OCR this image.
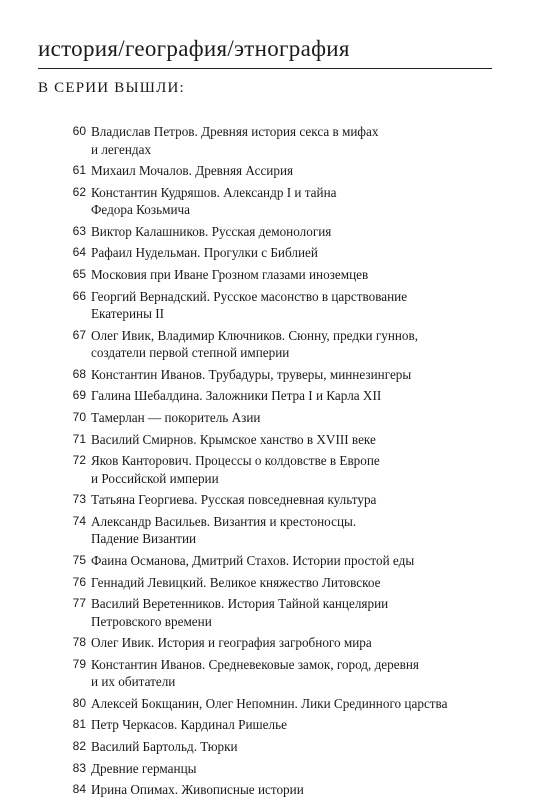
история/география/этнография
В СЕРИИ ВЫШЛИ:
60 Владислав Петров. Древняя история секса в мифах
и легендах
61 Михаил Мочалов. Древняя Ассирия
62 Константин Кудряшов. Александр I и тайна
Федора Козьмича
63 Виктор Калашников. Русская демонология
64 Рафаил Нудельман. Прогулки с Библией
65 Московия при Иване Грозном глазами иноземцев
66 Георгий Вернадский. Русское масонство в царствование
Екатерины II
67 Олег Ивик, Владимир Ключников. Сюнну, предки гуннов,
создатели первой степной империи
68 Константин Иванов. Трубадуры, труверы, миннезингеры
69 Галина Шебалдина. Заложники Петра I и Карла XII
70 Тамерлан — покоритель Азии
71 Василий Смирнов. Крымское ханство в XVIII веке
72 Яков Канторович. Процессы о колдовстве в Европе
и Российской империи
73 Татьяна Георгиева. Русская повседневная культура
74 Александр Васильев. Византия и крестоносцы.
Падение Византии
75 Фаина Османова, Дмитрий Стахов. Истории простой еды
76 Геннадий Левицкий. Великое княжество Литовское
77 Василий Веретенников. История Тайной канцелярии
Петровского времени
78 Олег Ивик. История и география загробного мира
79 Константин Иванов. Средневековые замок, город, деревня
и их обитатели
80 Алексей Бокщанин, Олег Непомнин. Лики Срединного царства
81 Петр Черкасов. Кардинал Ришелье
82 Василий Бартольд. Тюрки
83 Древние германцы
84 Ирина Опимах. Живописные истории
